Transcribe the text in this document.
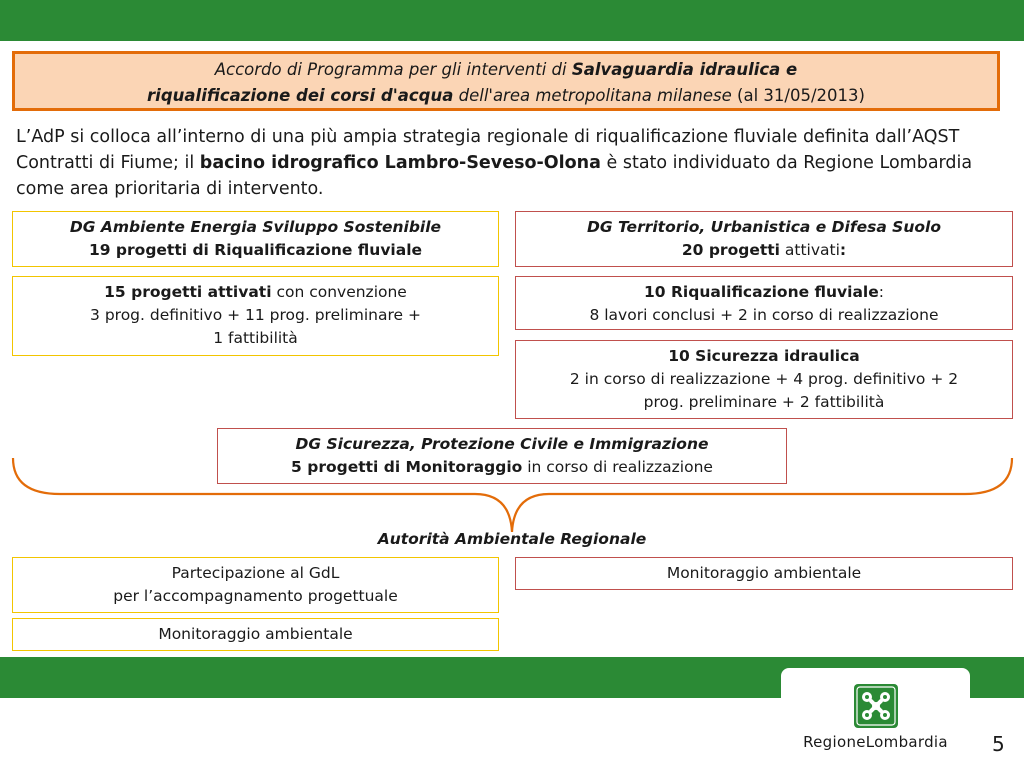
Accordo di Programma per gli interventi di Salvaguardia idraulica e
riqualificazione dei corsi d'acqua dell'area metropolitana milanese (al 31/05/2013)
L’AdP si colloca all’interno di una più ampia strategia regionale di riqualificazione fluviale definita dall’AQST Contratti di Fiume; il bacino idrografico Lambro-Seveso-Olona è stato individuato da Regione Lombardia come area prioritaria di intervento.
DG Ambiente Energia Sviluppo Sostenibile
19 progetti di Riqualificazione fluviale
15 progetti attivati con convenzione
3 prog. definitivo + 11 prog. preliminare +
1 fattibilità
DG Territorio, Urbanistica e Difesa Suolo
20 progetti attivati:
10 Riqualificazione fluviale:
8 lavori conclusi + 2 in corso di realizzazione
10 Sicurezza idraulica
2 in corso di realizzazione + 4 prog. definitivo + 2
prog. preliminare + 2 fattibilità
DG Sicurezza, Protezione Civile e Immigrazione
5 progetti di Monitoraggio in corso di realizzazione
Autorità Ambientale Regionale
Partecipazione al GdL
per l’accompagnamento progettuale
Monitoraggio ambientale
Monitoraggio ambientale
RegioneLombardia	5
